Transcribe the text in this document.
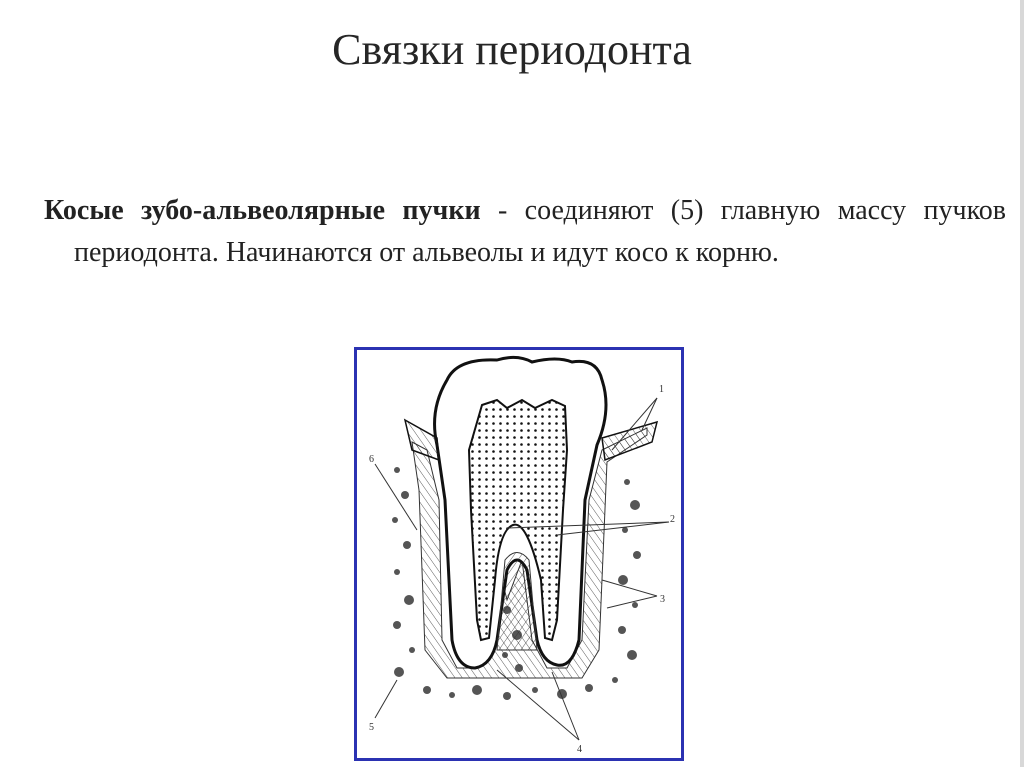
Связки периодонта

Косые зубо-альвеолярные пучки - соединяют (5) главную массу пучков периодонта. Начинаются от альвеолы и идут косо к корню.

1
2
3
4
5
6
